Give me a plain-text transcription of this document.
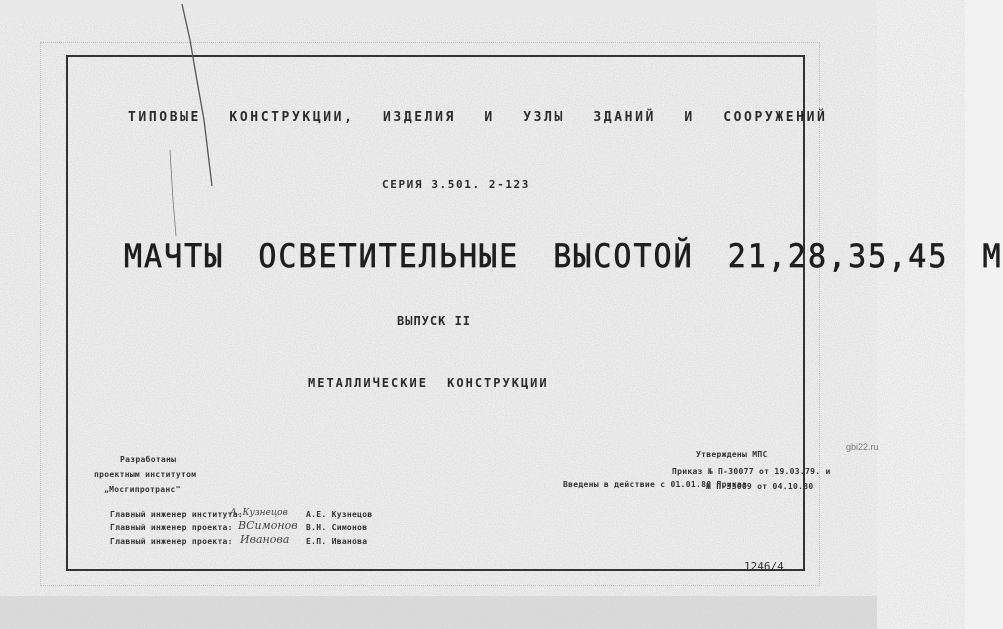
ТИПОВЫЕ КОНСТРУКЦИИ, ИЗДЕЛИЯ И УЗЛЫ ЗДАНИЙ И СООРУЖЕНИЙ
СЕРИЯ 3.501. 2-123
МАЧТЫ ОСВЕТИТЕЛЬНЫЕ ВЫСОТОЙ 21,28,35,45 М
ВЫПУСК II
МЕТАЛЛИЧЕСКИЕ КОНСТРУКЦИИ
Разработаны
проектным институтом
„Мосгипротранс"
Утверждены МПС
Приказ № П-30077 от 19.03.79. и
Введены в действие с 01.01.80 Приказ
№ П-33009 от 04.10.80
Главный инженер института:
Главный инженер проекта:
Главный инженер проекта:
А. Кузнецов
ВСимонов
Иванова
А.Е. Кузнецов
В.Н. Симонов
Е.П. Иванова
1246/4
gbi22.ru
